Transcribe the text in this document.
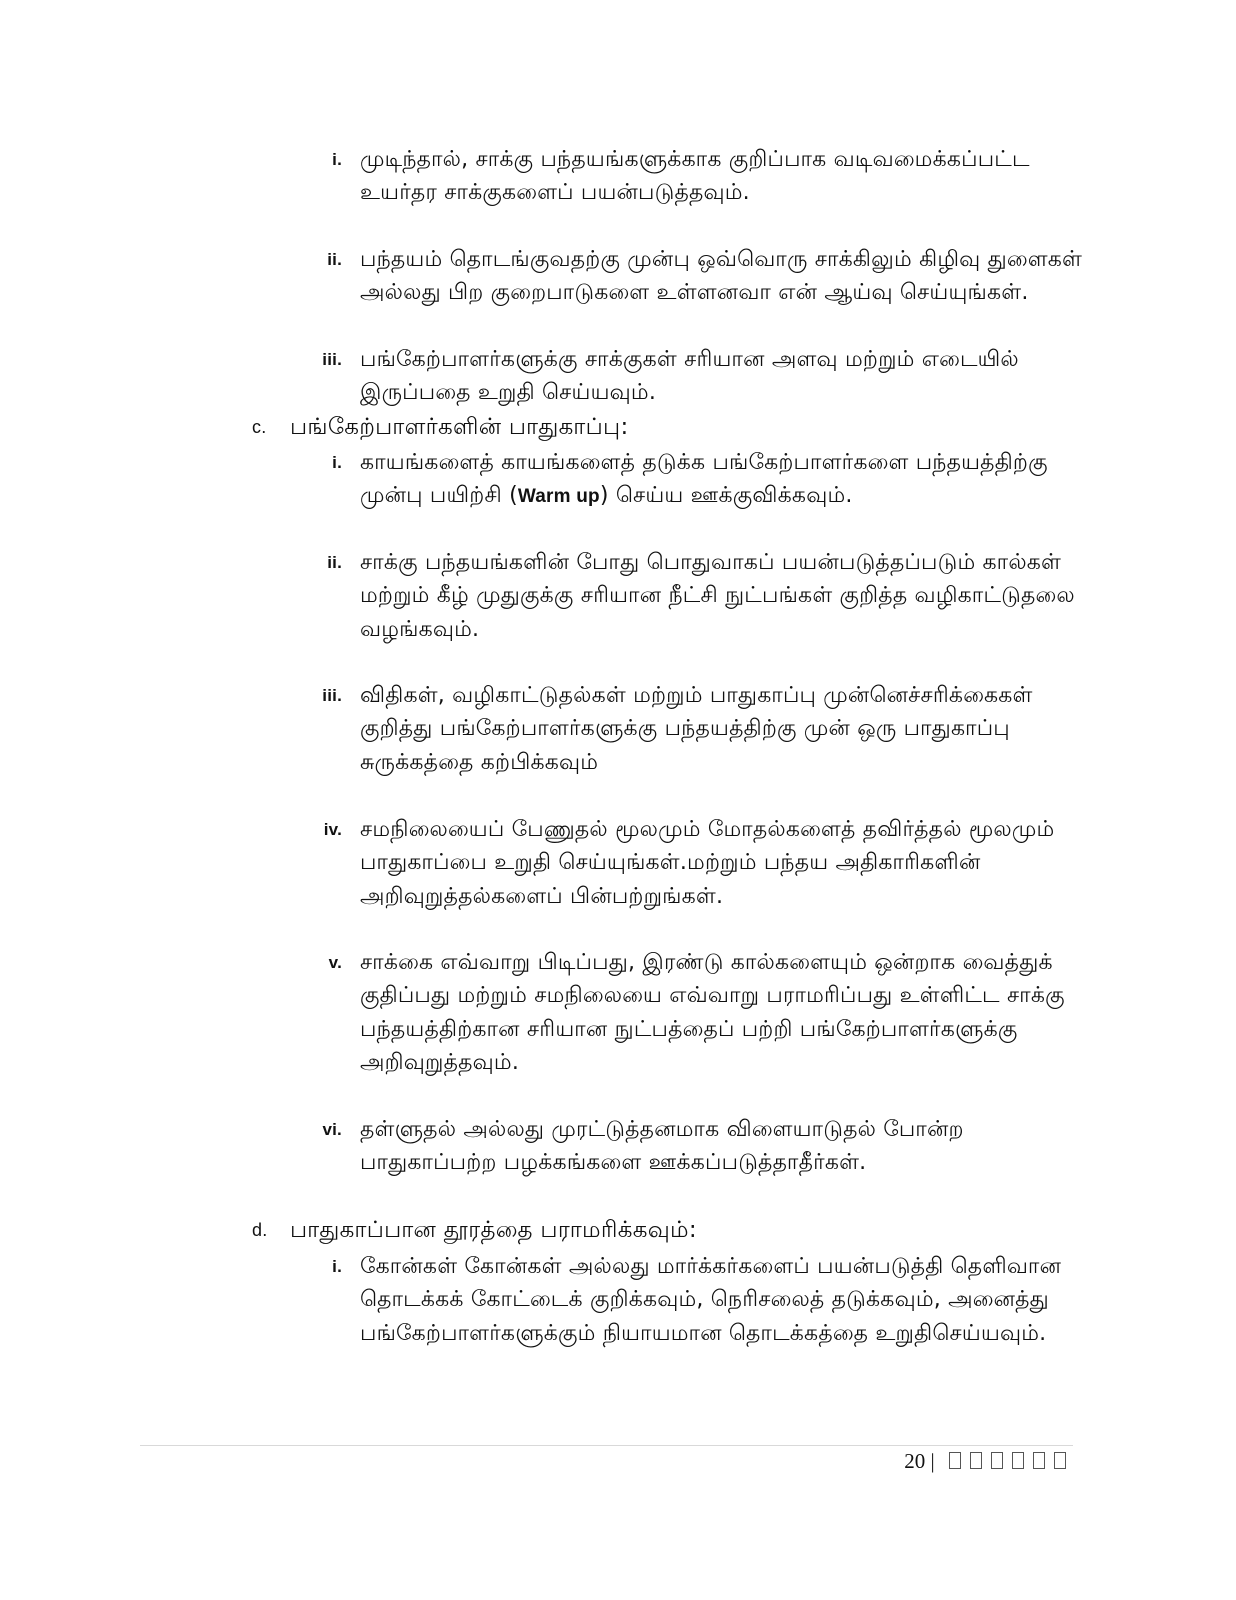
i. முடிந்தால், சாக்கு பந்தயங்களுக்காக குறிப்பாக வடிவமைக்கப்பட்ட உயர்தர சாக்குகளைப் பயன்படுத்தவும்.
ii. பந்தயம் தொடங்குவதற்கு முன்பு ஒவ்வொரு சாக்கிலும் கிழிவு துளைகள் அல்லது பிற குறைபாடுகளை உள்ளனவா என் ஆய்வு செய்யுங்கள்.
iii. பங்கேற்பாளர்களுக்கு சாக்குகள் சரியான அளவு மற்றும் எடையில் இருப்பதை உறுதி செய்யவும்.
c. பங்கேற்பாளர்களின் பாதுகாப்பு:
i. காயங்களைத் காயங்களைத் தடுக்க பங்கேற்பாளர்களை பந்தயத்திற்கு முன்பு பயிற்சி (Warm up) செய்ய ஊக்குவிக்கவும்.
ii. சாக்கு பந்தயங்களின் போது பொதுவாகப் பயன்படுத்தப்படும் கால்கள் மற்றும் கீழ் முதுகுக்கு சரியான நீட்சி நுட்பங்கள் குறித்த வழிகாட்டுதலை வழங்கவும்.
iii. விதிகள், வழிகாட்டுதல்கள் மற்றும் பாதுகாப்பு முன்னெச்சரிக்கைகள் குறித்து பங்கேற்பாளர்களுக்கு பந்தயத்திற்கு முன் ஒரு பாதுகாப்பு சுருக்கத்தை கற்பிக்கவும்
iv. சமநிலையைப் பேணுதல் மூலமும் மோதல்களைத் தவிர்த்தல் மூலமும் பாதுகாப்பை உறுதி செய்யுங்கள்.மற்றும் பந்தய அதிகாரிகளின் அறிவுறுத்தல்களைப் பின்பற்றுங்கள்.
v. சாக்கை எவ்வாறு பிடிப்பது, இரண்டு கால்களையும் ஒன்றாக வைத்துக் குதிப்பது மற்றும் சமநிலையை எவ்வாறு பராமரிப்பது உள்ளிட்ட சாக்கு பந்தயத்திற்கான சரியான நுட்பத்தைப் பற்றி பங்கேற்பாளர்களுக்கு அறிவுறுத்தவும்.
vi. தள்ளுதல் அல்லது முரட்டுத்தனமாக விளையாடுதல் போன்ற பாதுகாப்பற்ற பழக்கங்களை ஊக்கப்படுத்தாதீர்கள்.
d. பாதுகாப்பான தூரத்தை பராமரிக்கவும்:
i. கோன்கள் கோன்கள் அல்லது மார்க்கர்களைப் பயன்படுத்தி தெளிவான தொடக்கக் கோட்டைக் குறிக்கவும், நெரிசலைத் தடுக்கவும், அனைத்து பங்கேற்பாளர்களுக்கும் நியாயமான தொடக்கத்தை உறுதிசெய்யவும்.
20 |
